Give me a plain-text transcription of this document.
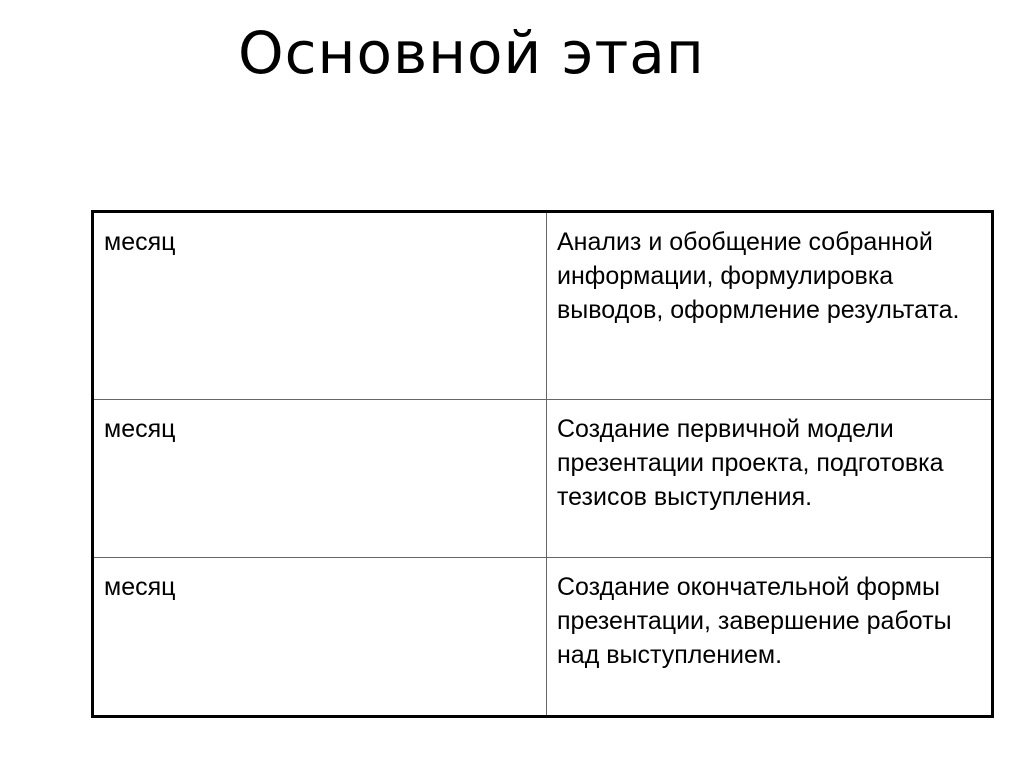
Основной этап
месяц	Анализ и обобщение собранной информации, формулировка выводов, оформление результата.
месяц	Создание первичной модели презентации проекта, подготовка тезисов выступления.
месяц	Создание окончательной формы презентации, завершение работы над выступлением.
